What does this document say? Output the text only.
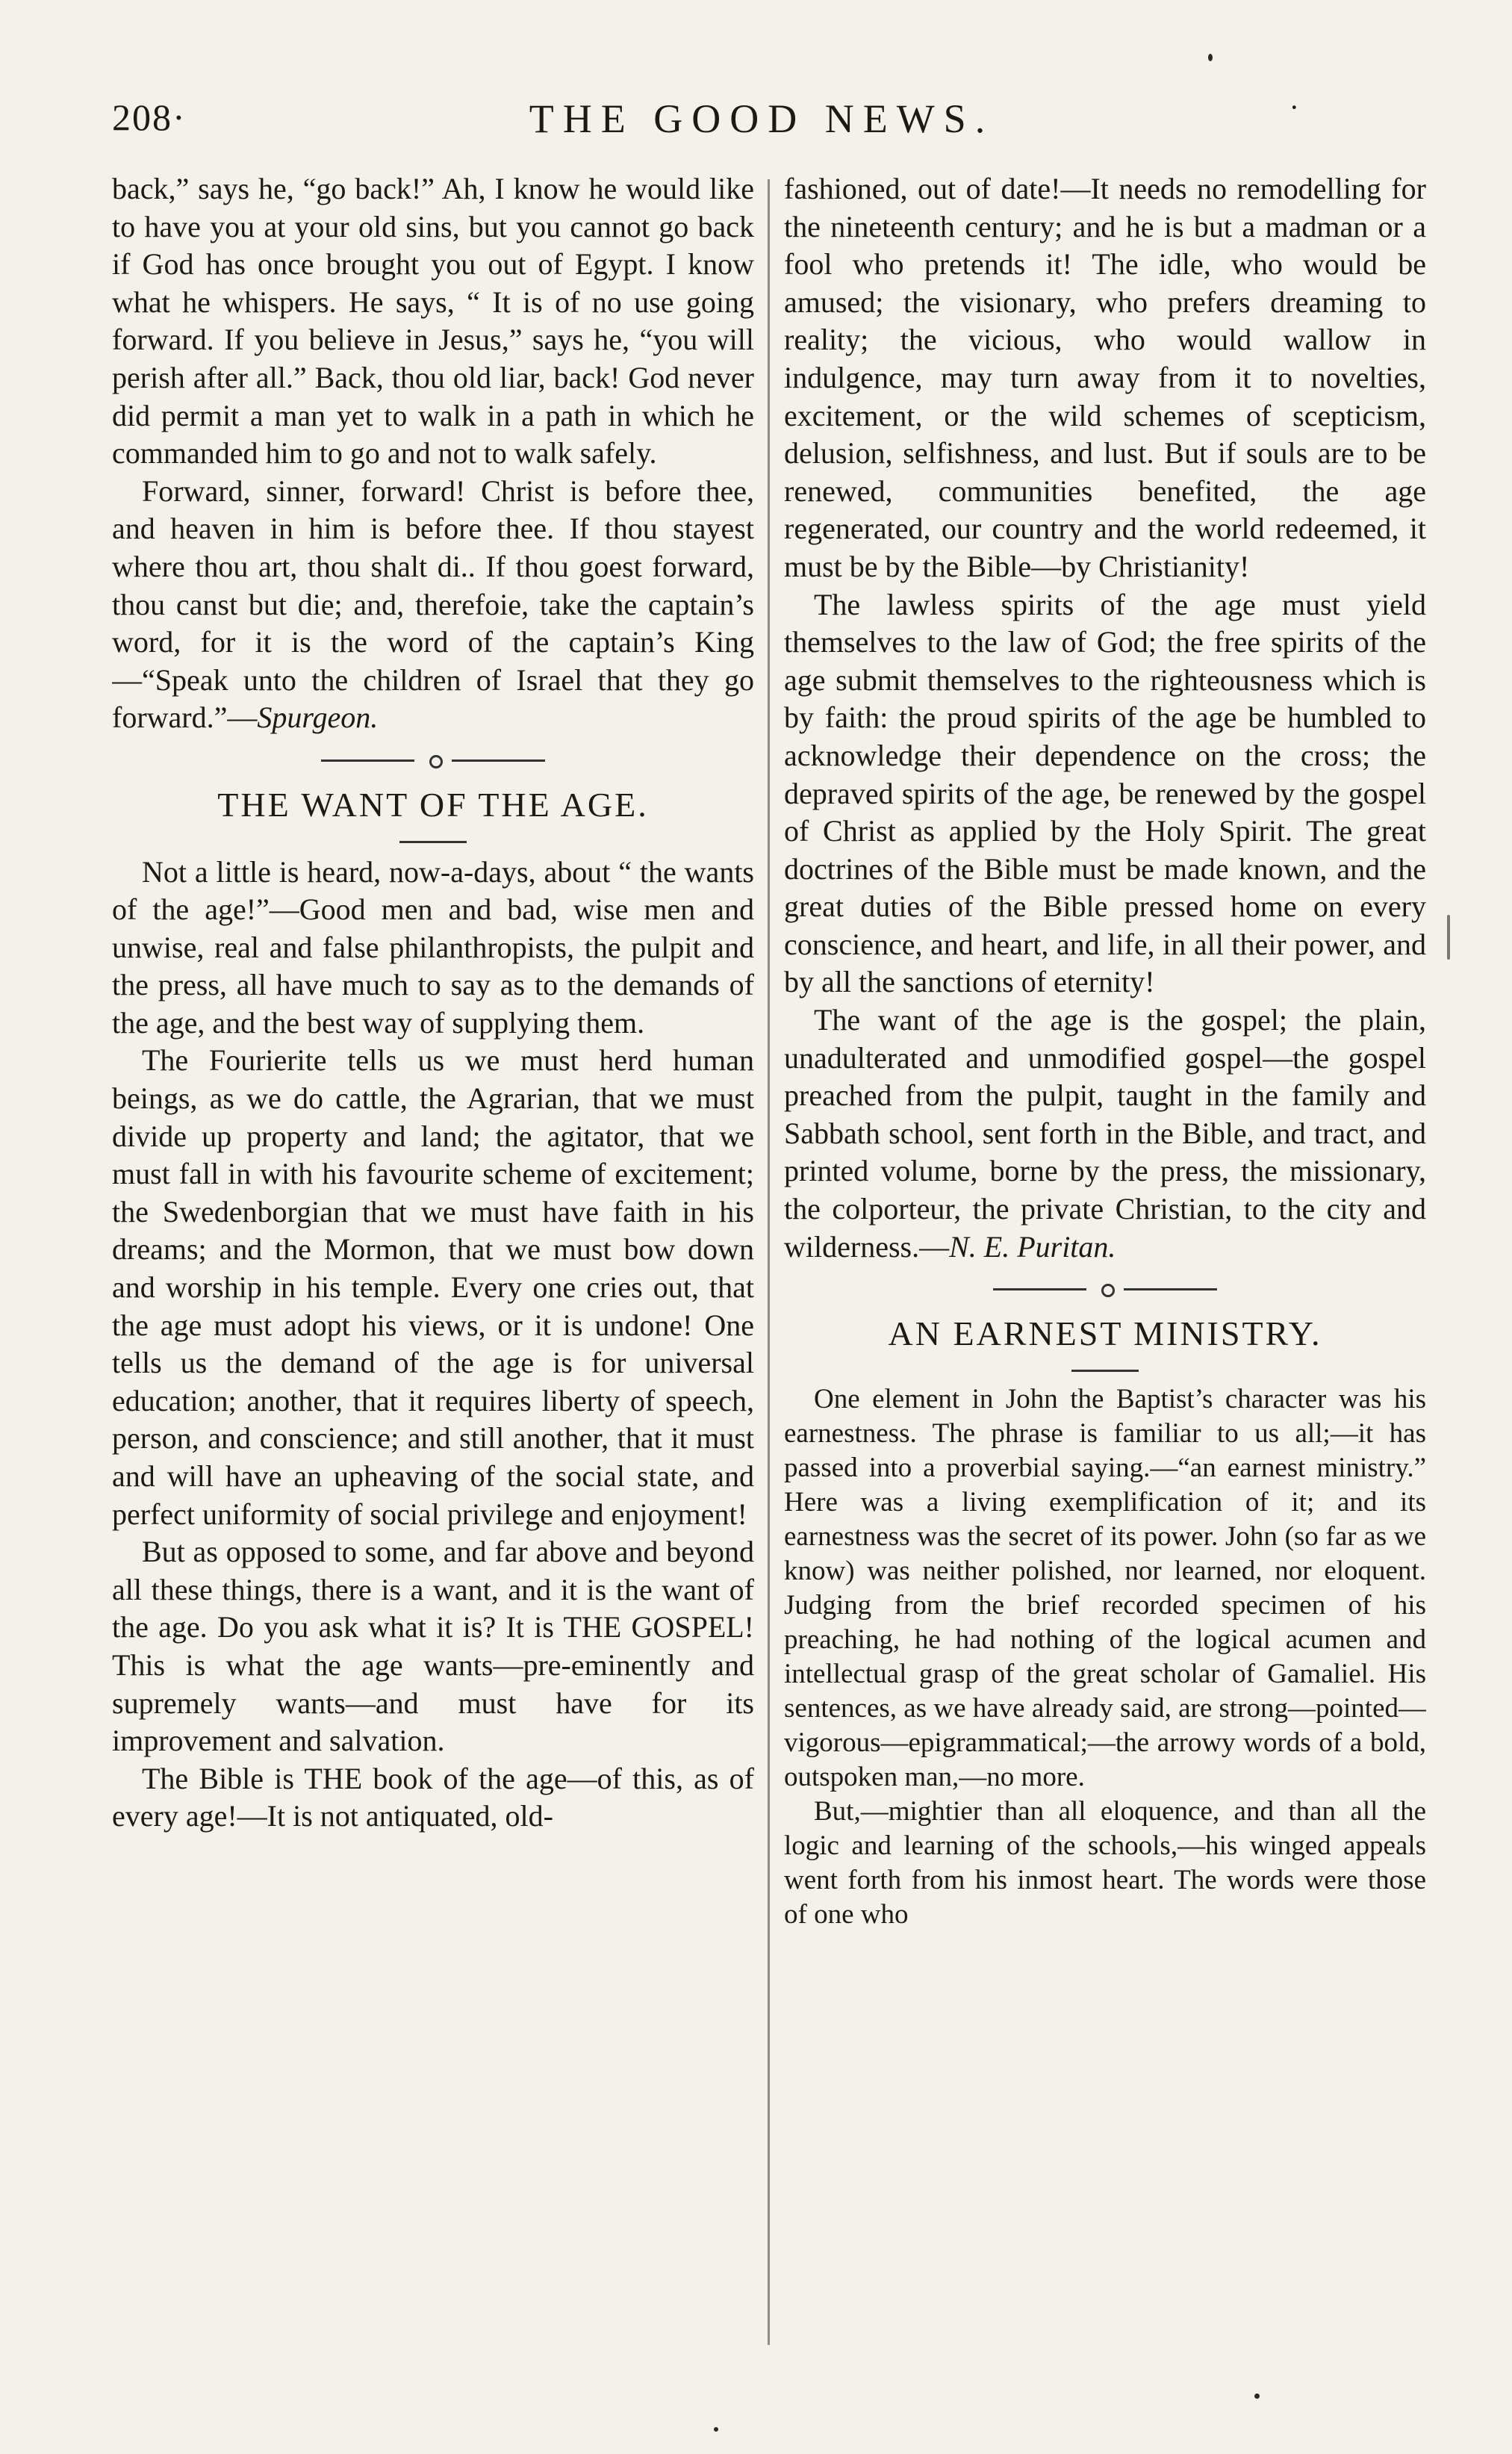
208·	THE GOOD NEWS.	·

back,” says he, “go back!” Ah, I know he would like to have you at your old sins, but you cannot go back if God has once brought you out of Egypt. I know what he whispers. He says, “ It is of no use going forward. If you believe in Jesus,” says he, “you will perish after all.” Back, thou old liar, back! God never did permit a man yet to walk in a path in which he commanded him to go and not to walk safely.

Forward, sinner, forward! Christ is before thee, and heaven in him is before thee. If thou stayest where thou art, thou shalt di.. If thou goest forward, thou canst but die; and, therefoie, take the captain’s word, for it is the word of the captain’s King—“Speak unto the children of Israel that they go forward.”—Spurgeon.

THE WANT OF THE AGE.

Not a little is heard, now-a-days, about “ the wants of the age!”—Good men and bad, wise men and unwise, real and false philanthropists, the pulpit and the press, all have much to say as to the demands of the age, and the best way of supplying them.

The Fourierite tells us we must herd human beings, as we do cattle, the Agrarian, that we must divide up property and land; the agitator, that we must fall in with his favourite scheme of excitement; the Swedenborgian that we must have faith in his dreams; and the Mormon, that we must bow down and worship in his temple. Every one cries out, that the age must adopt his views, or it is undone! One tells us the demand of the age is for universal education; another, that it requires liberty of speech, person, and conscience; and still another, that it must and will have an upheaving of the social state, and perfect uniformity of social privilege and enjoyment!

But as opposed to some, and far above and beyond all these things, there is a want, and it is the want of the age. Do you ask what it is? It is THE GOSPEL! This is what the age wants—pre-eminently and supremely wants—and must have for its improvement and salvation.

The Bible is THE book of the age—of this, as of every age!—It is not antiquated, old-

fashioned, out of date!—It needs no remodelling for the nineteenth century; and he is but a madman or a fool who pretends it! The idle, who would be amused; the visionary, who prefers dreaming to reality; the vicious, who would wallow in indulgence, may turn away from it to novelties, excitement, or the wild schemes of scepticism, delusion, selfishness, and lust. But if souls are to be renewed, communities benefited, the age regenerated, our country and the world redeemed, it must be by the Bible—by Christianity!

The lawless spirits of the age must yield themselves to the law of God; the free spirits of the age submit themselves to the righteousness which is by faith: the proud spirits of the age be humbled to acknowledge their dependence on the cross; the depraved spirits of the age, be renewed by the gospel of Christ as applied by the Holy Spirit. The great doctrines of the Bible must be made known, and the great duties of the Bible pressed home on every conscience, and heart, and life, in all their power, and by all the sanctions of eternity!

The want of the age is the gospel; the plain, unadulterated and unmodified gospel—the gospel preached from the pulpit, taught in the family and Sabbath school, sent forth in the Bible, and tract, and printed volume, borne by the press, the missionary, the colporteur, the private Christian, to the city and wilderness.—N. E. Puritan.

AN EARNEST MINISTRY.

One element in John the Baptist’s character was his earnestness. The phrase is familiar to us all;—it has passed into a proverbial saying.—“an earnest ministry.” Here was a living exemplification of it; and its earnestness was the secret of its power. John (so far as we know) was neither polished, nor learned, nor eloquent. Judging from the brief recorded specimen of his preaching, he had nothing of the logical acumen and intellectual grasp of the great scholar of Gamaliel. His sentences, as we have already said, are strong—pointed—vigorous—epigrammatical;—the arrowy words of a bold, outspoken man,—no more.

But,—mightier than all eloquence, and than all the logic and learning of the schools,—his winged appeals went forth from his inmost heart. The words were those of one who
